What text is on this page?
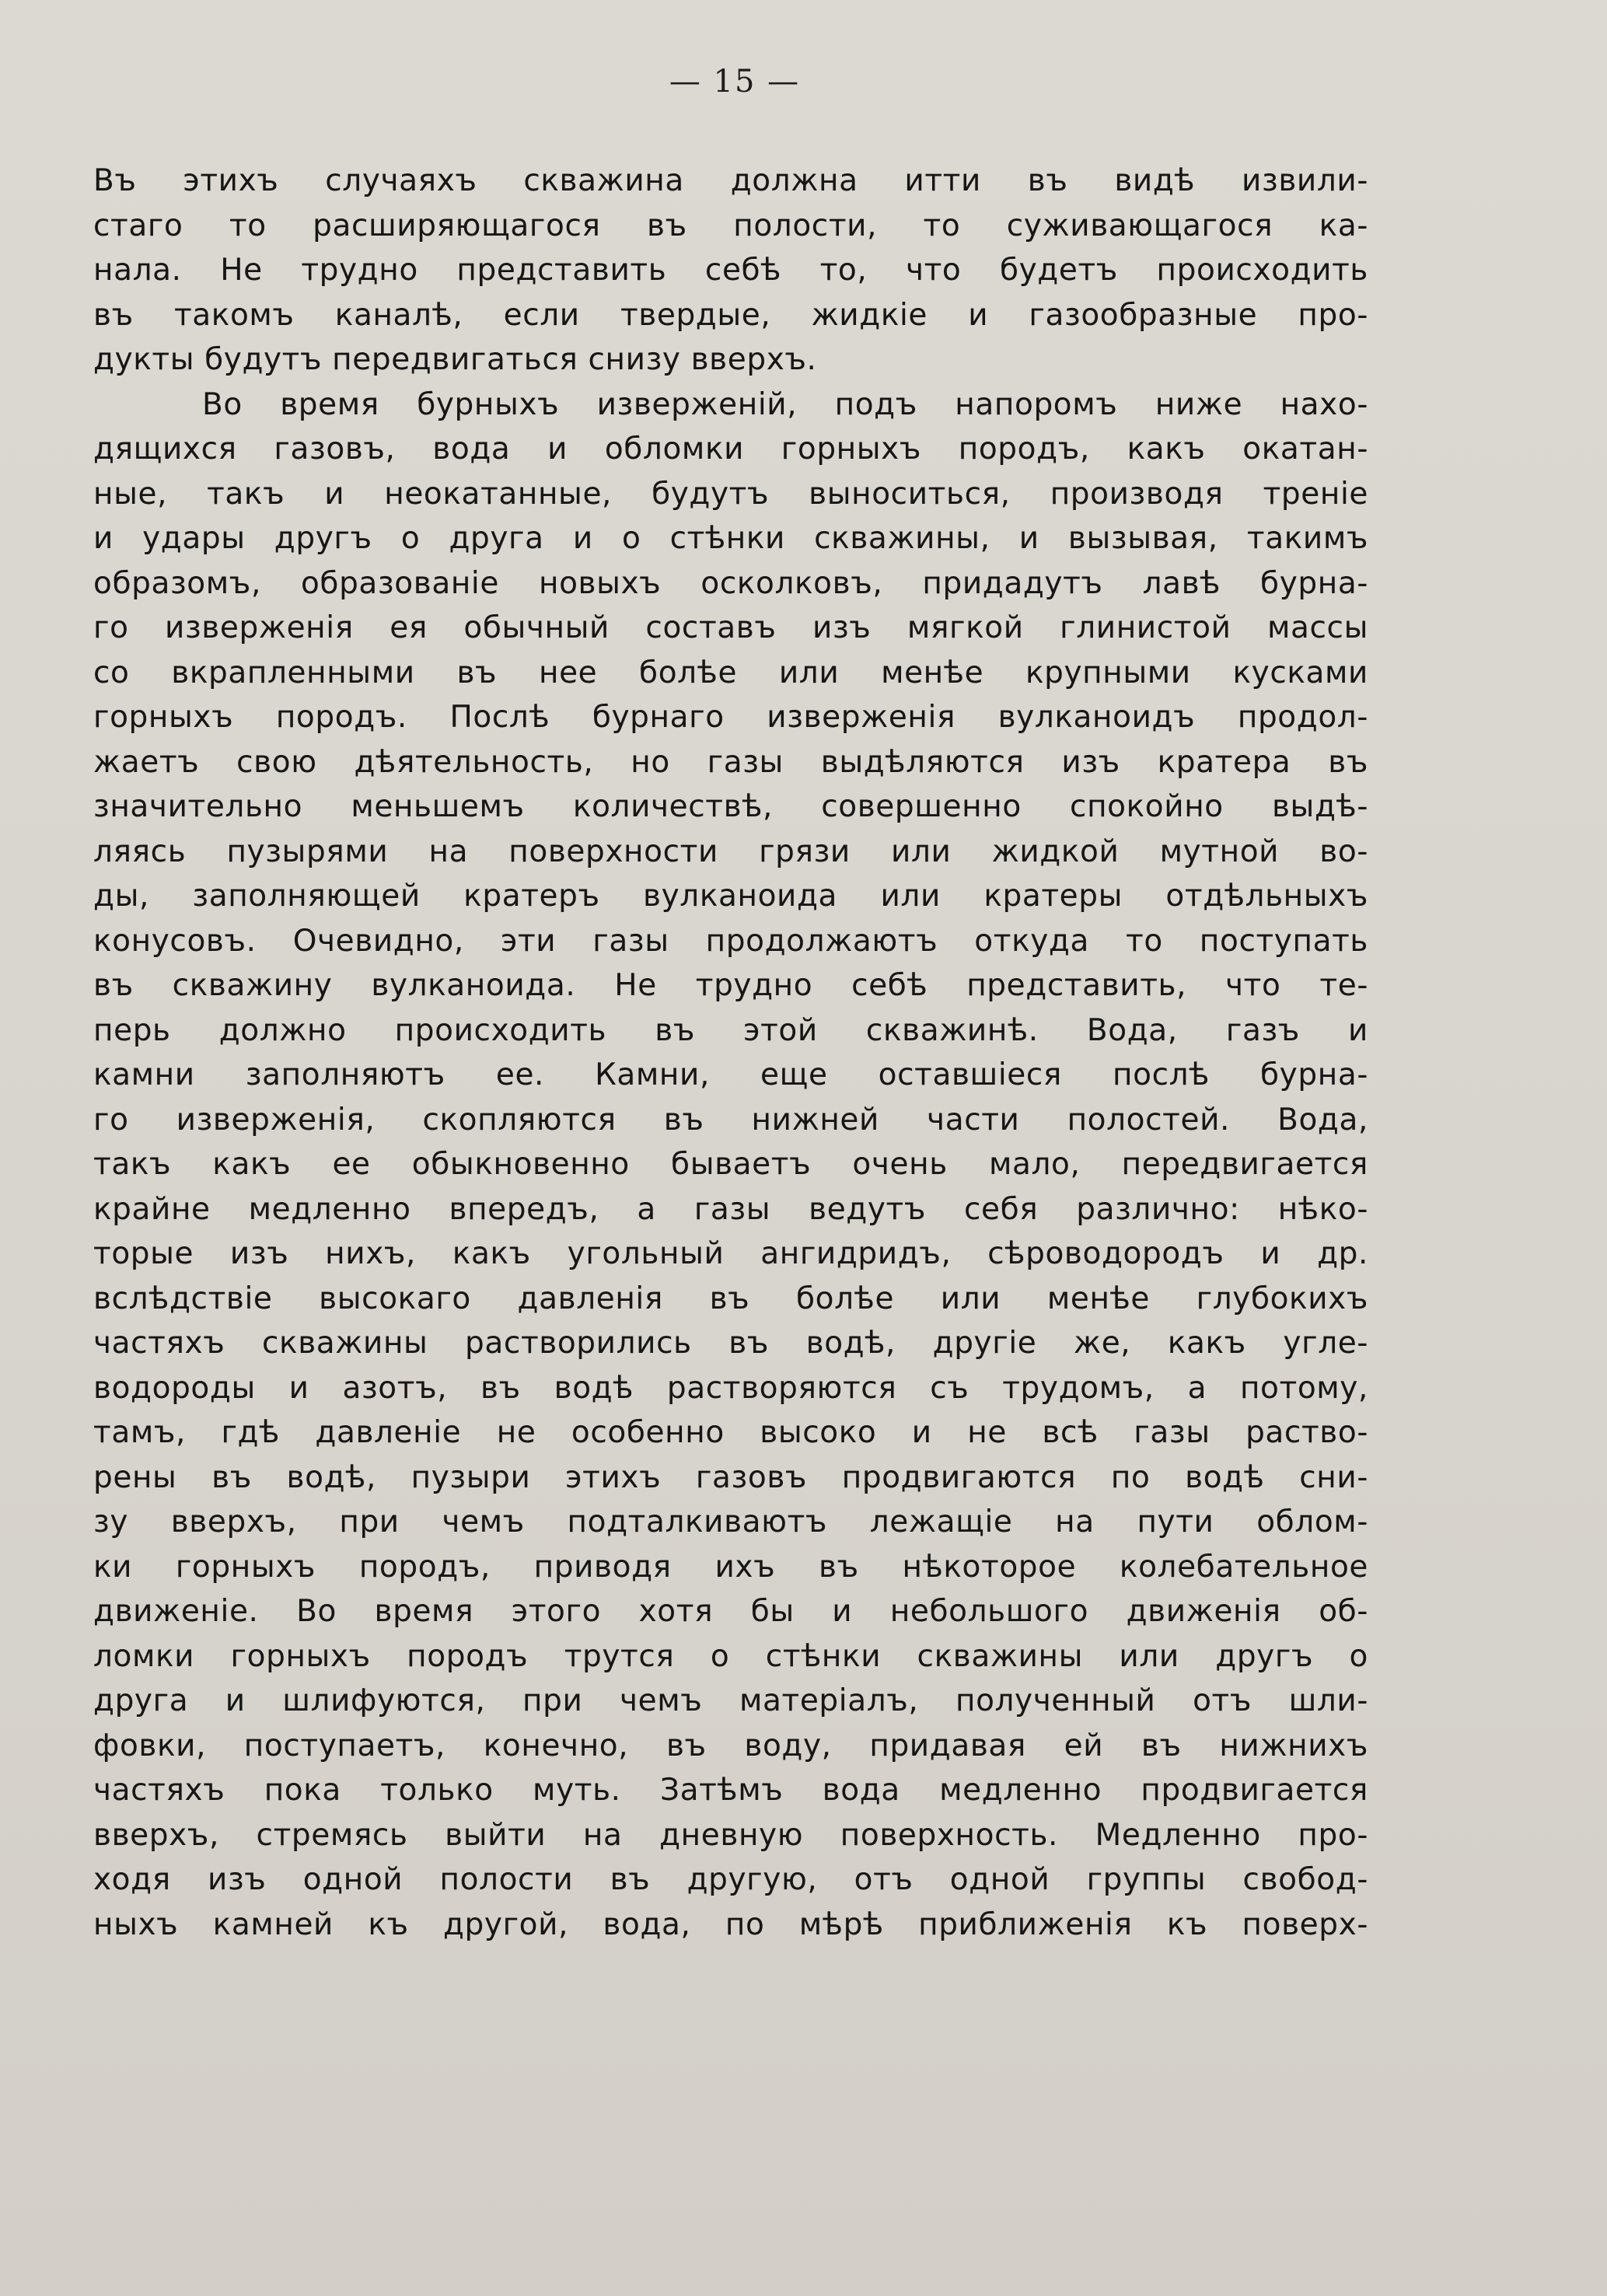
— 15 —
Въ этихъ случаяхъ скважина должна итти въ видѣ извили-
стаго то расширяющагося въ полости, то суживающагося ка-
нала. Не трудно представить себѣ то, что будетъ происходить
въ такомъ каналѣ, если твердые, жидкіе и газообразные про-
дукты будутъ передвигаться снизу вверхъ.
Во время бурныхъ изверженій, подъ напоромъ ниже нахо-
дящихся газовъ, вода и обломки горныхъ породъ, какъ окатан-
ные, такъ и неокатанные, будутъ выноситься, производя треніе
и удары другъ о друга и о стѣнки скважины, и вызывая, такимъ
образомъ, образованіе новыхъ осколковъ, придадутъ лавѣ бурна-
го изверженія ея обычный составъ изъ мягкой глинистой массы
со вкрапленными въ нее болѣе или менѣе крупными кусками
горныхъ породъ. Послѣ бурнаго изверженія вулканоидъ продол-
жаетъ свою дѣятельность, но газы выдѣляются изъ кратера въ
значительно меньшемъ количествѣ, совершенно спокойно выдѣ-
ляясь пузырями на поверхности грязи или жидкой мутной во-
ды, заполняющей кратеръ вулканоида или кратеры отдѣльныхъ
конусовъ. Очевидно, эти газы продолжаютъ откуда то поступать
въ скважину вулканоида. Не трудно себѣ представить, что те-
перь должно происходить въ этой скважинѣ. Вода, газъ и
камни заполняютъ ее. Камни, еще оставшіеся послѣ бурна-
го изверженія, скопляются въ нижней части полостей. Вода,
такъ какъ ее обыкновенно бываетъ очень мало, передвигается
крайне медленно впередъ, а газы ведутъ себя различно: нѣко-
торые изъ нихъ, какъ угольный ангидридъ, сѣроводородъ и др.
вслѣдствіе высокаго давленія въ болѣе или менѣе глубокихъ
частяхъ скважины растворились въ водѣ, другіе же, какъ угле-
водороды и азотъ, въ водѣ растворяются съ трудомъ, а потому,
тамъ, гдѣ давленіе не особенно высоко и не всѣ газы раство-
рены въ водѣ, пузыри этихъ газовъ продвигаются по водѣ сни-
зу вверхъ, при чемъ подталкиваютъ лежащіе на пути облом-
ки горныхъ породъ, приводя ихъ въ нѣкоторое колебательное
движеніе. Во время этого хотя бы и небольшого движенія об-
ломки горныхъ породъ трутся о стѣнки скважины или другъ о
друга и шлифуются, при чемъ матеріалъ, полученный отъ шли-
фовки, поступаетъ, конечно, въ воду, придавая ей въ нижнихъ
частяхъ пока только муть. Затѣмъ вода медленно продвигается
вверхъ, стремясь выйти на дневную поверхность. Медленно про-
ходя изъ одной полости въ другую, отъ одной группы свобод-
ныхъ камней къ другой, вода, по мѣрѣ приближенія къ поверх-
